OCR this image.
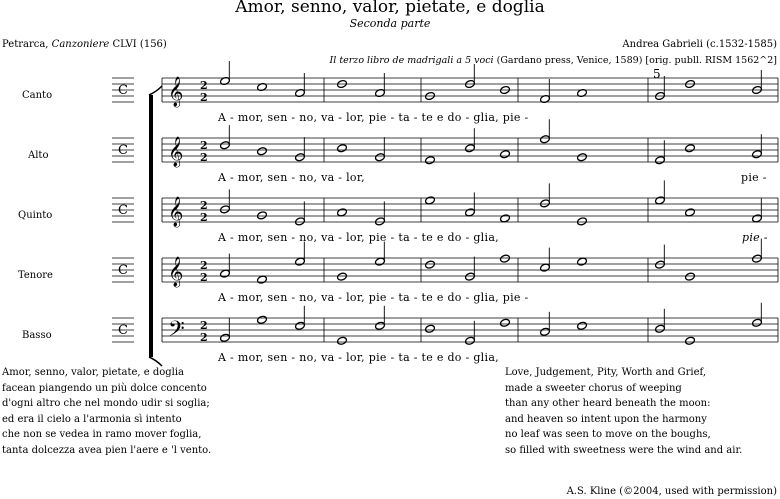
Amor, senno, valor, pietate, e doglia
Seconda parte
Petrarca, Canzoniere CLVI (156)	Andrea Gabrieli (c.1532-1585)
Il terzo libro de madrigali a 5 voci (Gardano press, Venice, 1589) [orig. publl. RISM 1562^2]
Canto
Alto
Quinto
Tenore
Basso
𝄞 2
2
𝄞 2
2
𝄞 2
2
𝄞 2
2
𝄢 2
2
C
C
C
C
C
5
A - mor, sen - no, va - lor, pie - ta - te e do - glia, pie -
A - mor, sen - no, va - lor,	pie -
A - mor, sen - no, va - lor, pie - ta - te e do - glia,	pie -
A - mor, sen - no, va - lor, pie - ta - te e do - glia, pie -
A - mor, sen - no, va - lor, pie - ta - te e do - glia,
Amor, senno, valor, pietate, e doglia
facean piangendo un più dolce concento
d'ogni altro che nel mondo udir si soglia;
ed era il cielo a l'armonia sì intento
che non se vedea in ramo mover foglia,
tanta dolcezza avea pien l'aere e 'l vento.
Love, Judgement, Pity, Worth and Grief,
made a sweeter chorus of weeping
than any other heard beneath the moon:
and heaven so intent upon the harmony
no leaf was seen to move on the boughs,
so filled with sweetness were the wind and air.
A.S. Kline (©2004, used with permission)
